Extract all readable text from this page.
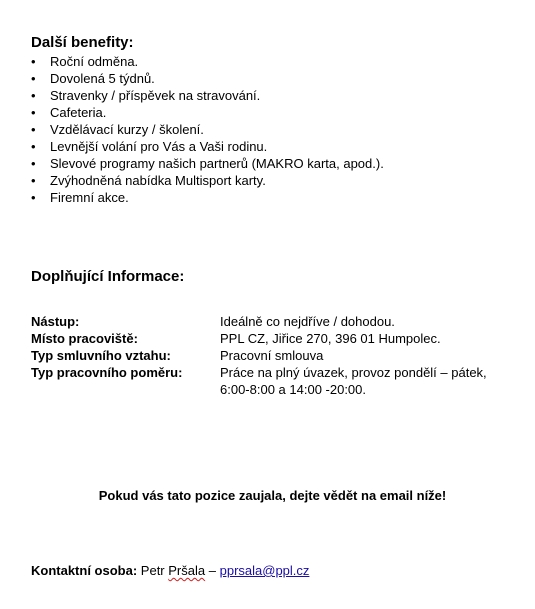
Další benefity:
• Roční odměna.
• Dovolená 5 týdnů.
• Stravenky / příspěvek na stravování.
• Cafeteria.
• Vzdělávací kurzy / školení.
• Levnější volání pro Vás a Vaši rodinu.
• Slevové programy našich partnerů (MAKRO karta, apod.).
• Zvýhodněná nabídka Multisport karty.
• Firemní akce.
Doplňující Informace:
Nástup:	Ideálně co nejdříve / dohodou.
Místo pracoviště:	PPL CZ, Jiřice 270, 396 01 Humpolec.
Typ smluvního vztahu:	Pracovní smlouva
Typ pracovního poměru:	Práce na plný úvazek, provoz pondělí – pátek,
6:00-8:00 a 14:00 -20:00.
Pokud vás tato pozice zaujala, dejte vědět na email níže!
Kontaktní osoba: Petr Pršala – pprsala@ppl.cz
